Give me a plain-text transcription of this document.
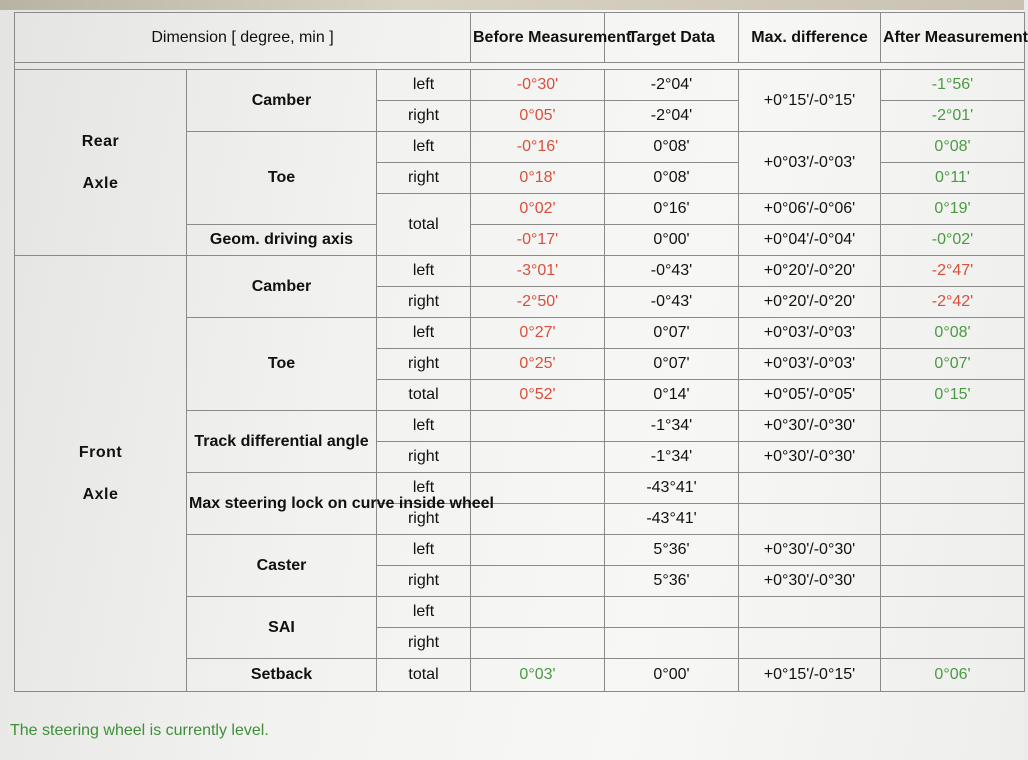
Dimension [ degree, min ]			Before Measurement	Target Data	Max. difference	After Measurement

Rear
Axle	Camber	left	-0°30'	-2°04'	+0°15'/-0°15'	-1°56'
		right	0°05'	-2°04'		-2°01'
	Toe	left	-0°16'	0°08'	+0°03'/-0°03'	0°08'
		right	0°18'	0°08'		0°11'
		total	0°02'	0°16'	+0°06'/-0°06'	0°19'
	Geom. driving axis		-0°17'	0°00'	+0°04'/-0°04'	-0°02'

Front
Axle	Camber	left	-3°01'	-0°43'	+0°20'/-0°20'	-2°47'
		right	-2°50'	-0°43'	+0°20'/-0°20'	-2°42'
	Toe	left	0°27'	0°07'	+0°03'/-0°03'	0°08'
		right	0°25'	0°07'	+0°03'/-0°03'	0°07'
		total	0°52'	0°14'	+0°05'/-0°05'	0°15'
	Track differential angle	left		-1°34'	+0°30'/-0°30'	
		right		-1°34'	+0°30'/-0°30'	
	Max steering lock on curve inside wheel	left		-43°41'		
		right		-43°41'		
	Caster	left		5°36'	+0°30'/-0°30'	
		right		5°36'	+0°30'/-0°30'	
	SAI	left				
		right				
	Setback	total	0°03'	0°00'	+0°15'/-0°15'	0°06'
The steering wheel is currently level.
